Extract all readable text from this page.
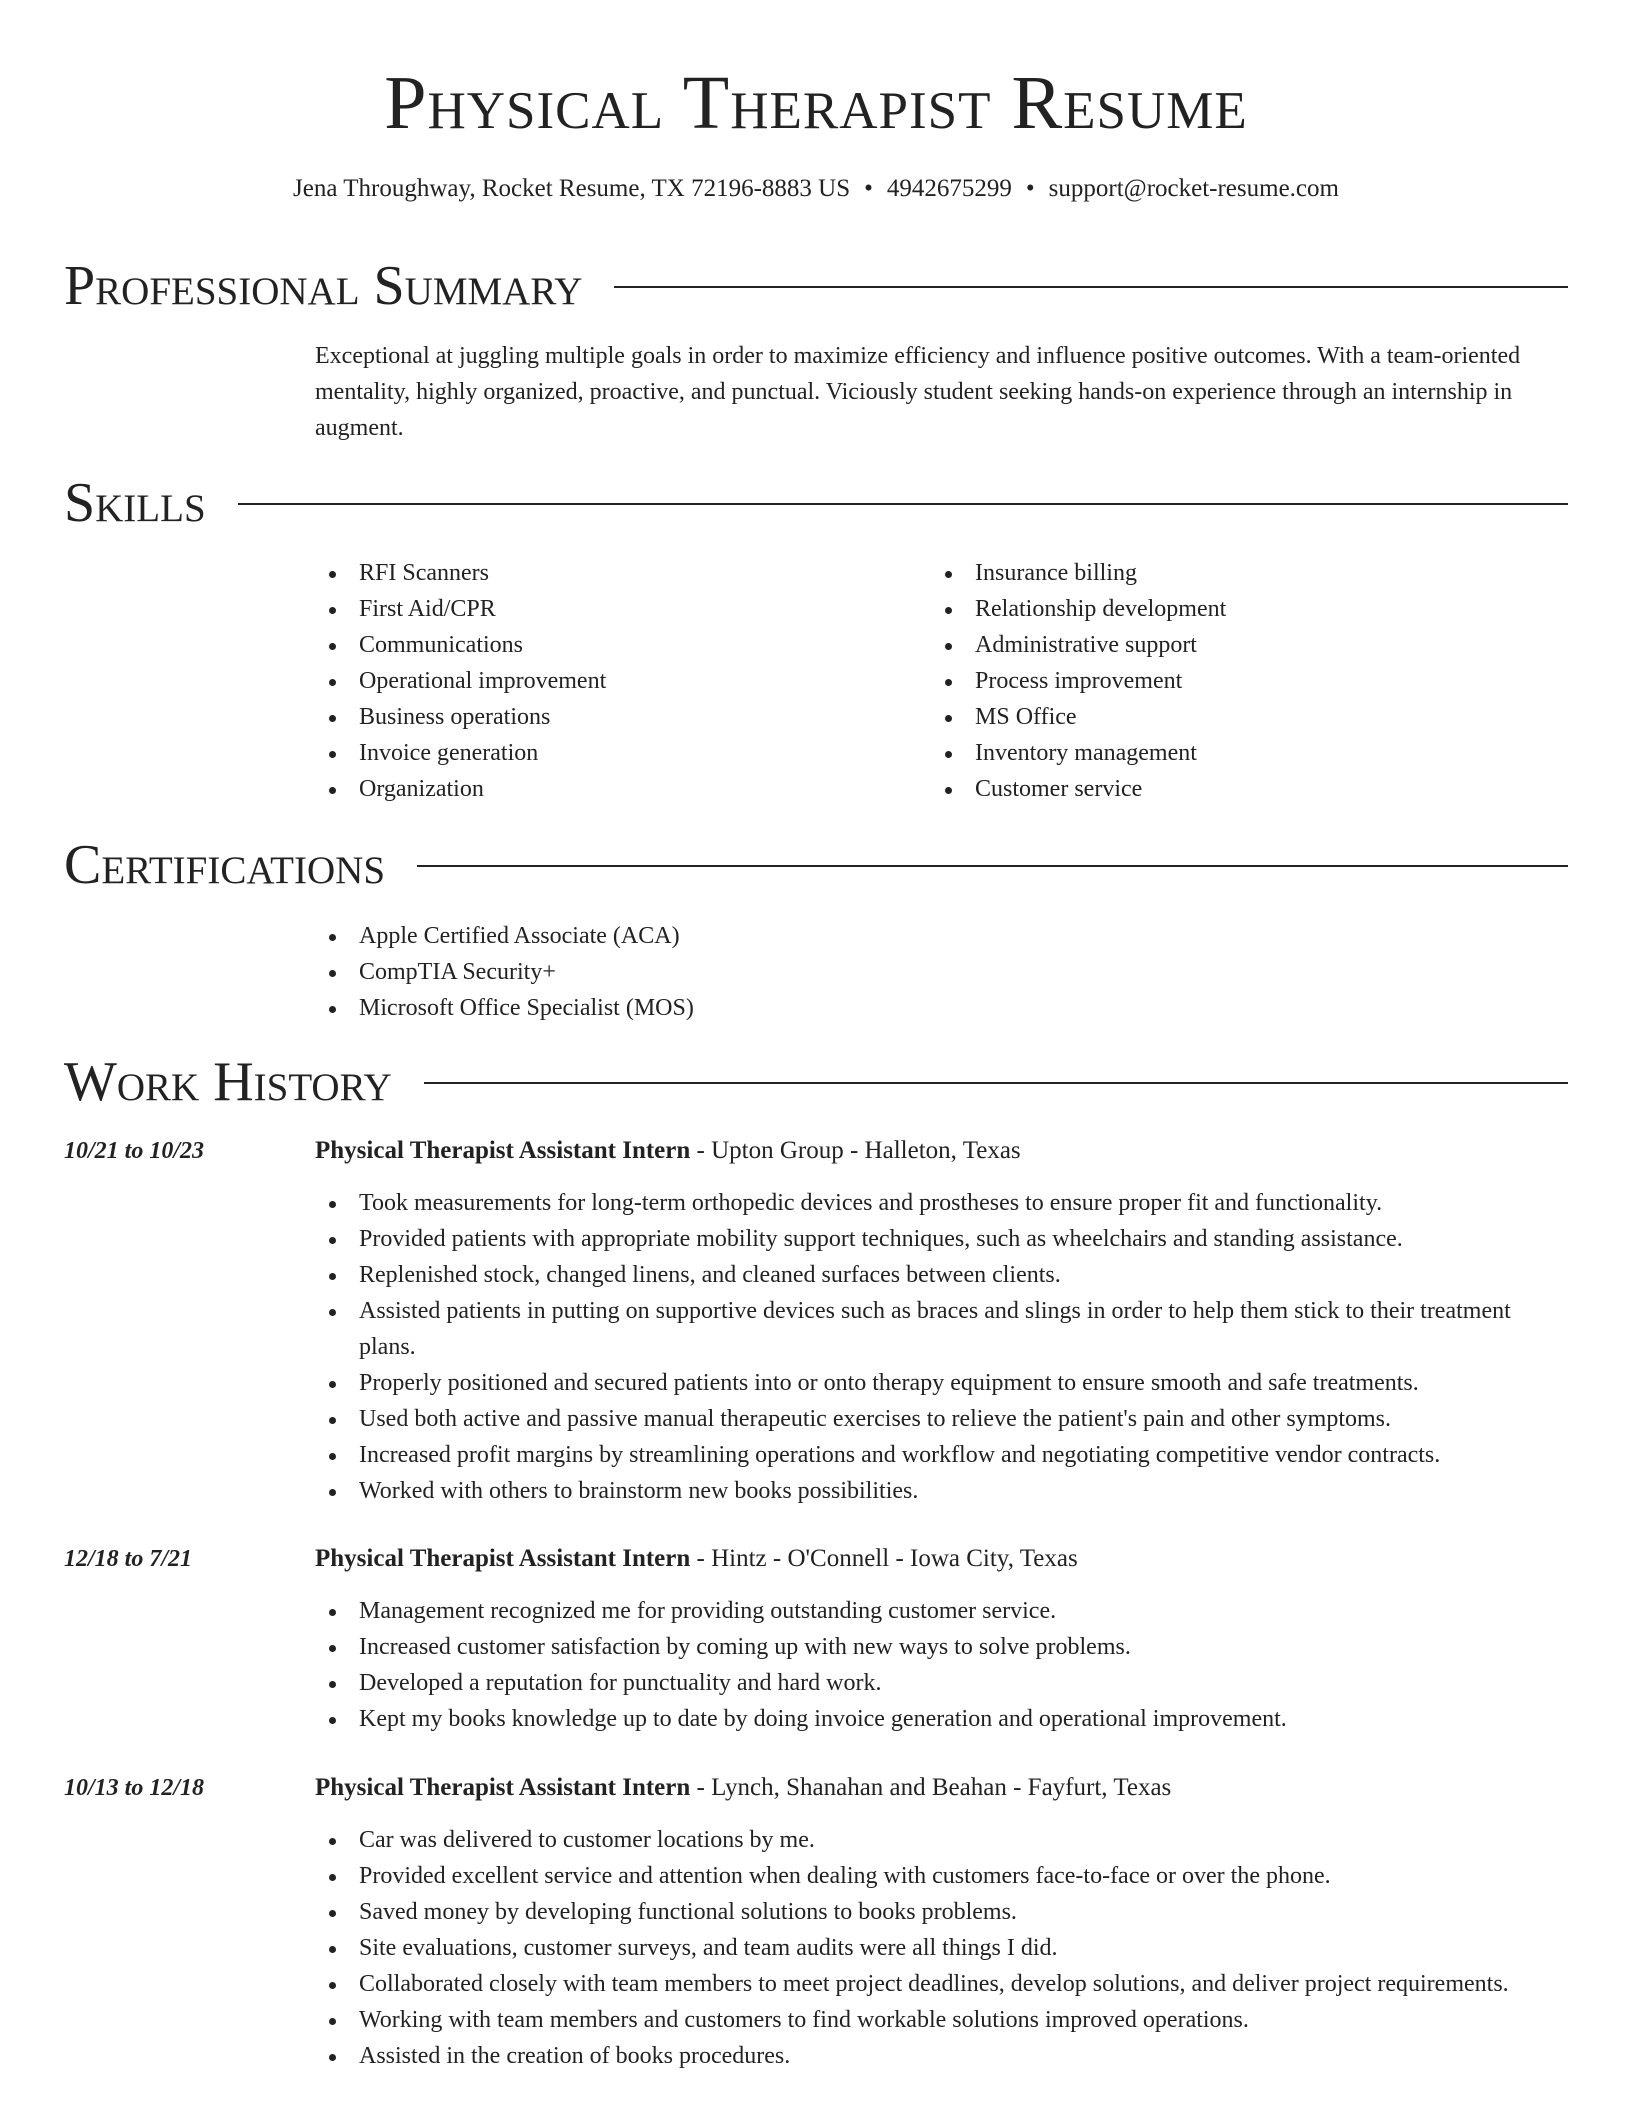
Physical Therapist Resume
Jena Throughway, Rocket Resume, TX 72196-8883 US • 4942675299 • support@rocket-resume.com
Professional Summary
Exceptional at juggling multiple goals in order to maximize efficiency and influence positive outcomes. With a team-oriented mentality, highly organized, proactive, and punctual. Viciously student seeking hands-on experience through an internship in augment.
Skills
RFI Scanners
First Aid/CPR
Communications
Operational improvement
Business operations
Invoice generation
Organization
Insurance billing
Relationship development
Administrative support
Process improvement
MS Office
Inventory management
Customer service
Certifications
Apple Certified Associate (ACA)
CompTIA Security+
Microsoft Office Specialist (MOS)
Work History
10/21 to 10/23	Physical Therapist Assistant Intern - Upton Group - Halleton, Texas
Took measurements for long-term orthopedic devices and prostheses to ensure proper fit and functionality.
Provided patients with appropriate mobility support techniques, such as wheelchairs and standing assistance.
Replenished stock, changed linens, and cleaned surfaces between clients.
Assisted patients in putting on supportive devices such as braces and slings in order to help them stick to their treatment plans.
Properly positioned and secured patients into or onto therapy equipment to ensure smooth and safe treatments.
Used both active and passive manual therapeutic exercises to relieve the patient's pain and other symptoms.
Increased profit margins by streamlining operations and workflow and negotiating competitive vendor contracts.
Worked with others to brainstorm new books possibilities.
12/18 to 7/21	Physical Therapist Assistant Intern - Hintz - O'Connell - Iowa City, Texas
Management recognized me for providing outstanding customer service.
Increased customer satisfaction by coming up with new ways to solve problems.
Developed a reputation for punctuality and hard work.
Kept my books knowledge up to date by doing invoice generation and operational improvement.
10/13 to 12/18	Physical Therapist Assistant Intern - Lynch, Shanahan and Beahan - Fayfurt, Texas
Car was delivered to customer locations by me.
Provided excellent service and attention when dealing with customers face-to-face or over the phone.
Saved money by developing functional solutions to books problems.
Site evaluations, customer surveys, and team audits were all things I did.
Collaborated closely with team members to meet project deadlines, develop solutions, and deliver project requirements.
Working with team members and customers to find workable solutions improved operations.
Assisted in the creation of books procedures.
